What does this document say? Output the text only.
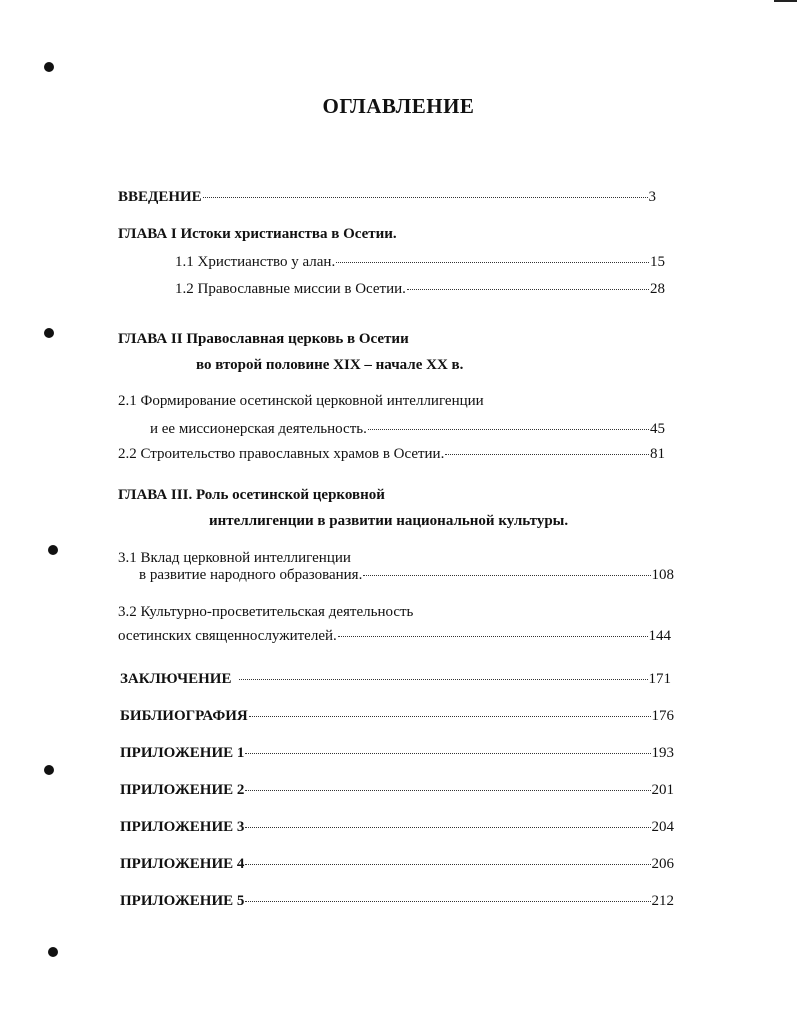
ОГЛАВЛЕНИЕ
ВВЕДЕНИЕ	3
ГЛАВА I Истоки христианства в Осетии.
1.1 Христианство у алан.	15
1.2 Православные миссии в Осетии.	28
ГЛАВА II Православная церковь в Осетии
во второй половине XIX – начале XX в.
2.1 Формирование осетинской церковной интеллигенции
и ее миссионерская деятельность.	45
2.2 Строительство православных храмов в Осетии.	81
ГЛАВА III. Роль осетинской церковной
интеллигенции в развитии национальной культуры.
3.1 Вклад церковной интеллигенции
в развитие народного образования.	108
3.2 Культурно-просветительская деятельность
осетинских священнослужителей.	144
ЗАКЛЮЧЕНИЕ	171
БИБЛИОГРАФИЯ	176
ПРИЛОЖЕНИЕ 1	193
ПРИЛОЖЕНИЕ 2	201
ПРИЛОЖЕНИЕ 3	204
ПРИЛОЖЕНИЕ 4	206
ПРИЛОЖЕНИЕ 5	212
